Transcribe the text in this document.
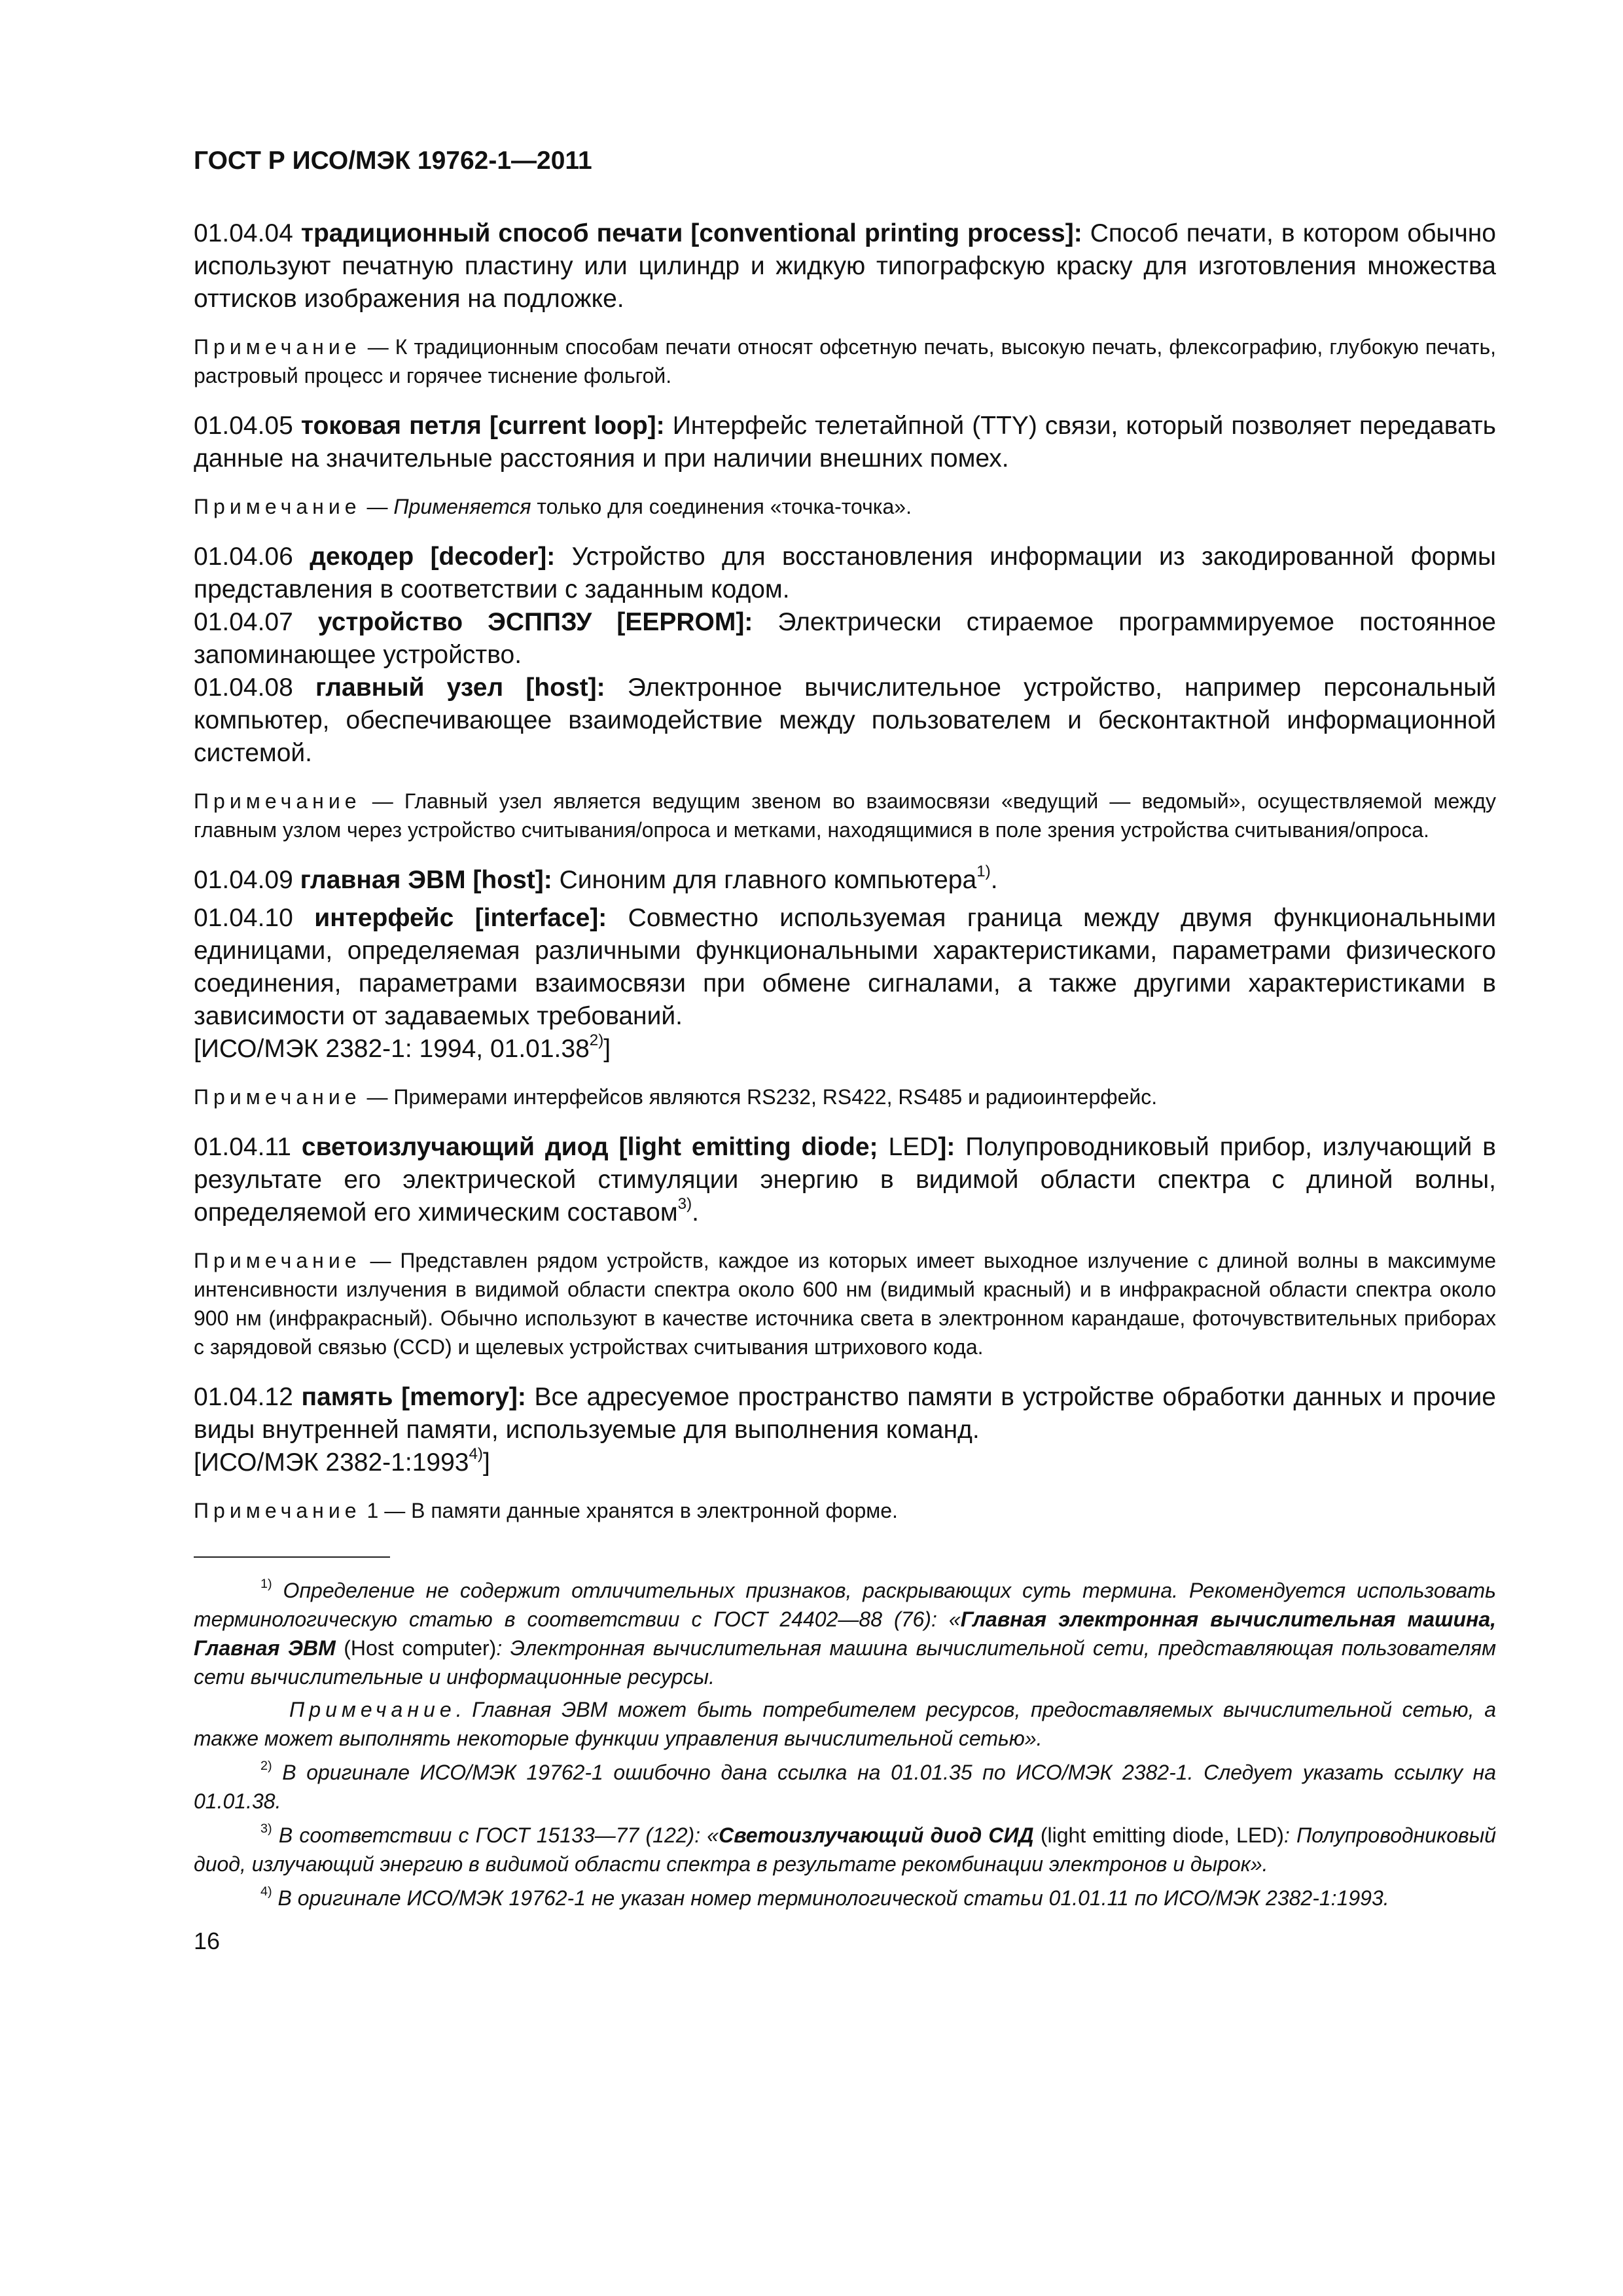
ГОСТ Р ИСО/МЭК 19762-1—2011

01.04.04 традиционный способ печати [conventional printing process]: Способ печати, в котором обычно используют печатную пластину или цилиндр и жидкую типографскую краску для изготовления множества оттисков изображения на подложке.

Примечание — К традиционным способам печати относят офсетную печать, высокую печать, флексографию, глубокую печать, растровый процесс и горячее тиснение фольгой.

01.04.05 токовая петля [current loop]: Интерфейс телетайпной (TTY) связи, который позволяет передавать данные на значительные расстояния и при наличии внешних помех.

Примечание — Применяется только для соединения «точка-точка».

01.04.06 декодер [decoder]: Устройство для восстановления информации из закодированной формы представления в соответствии с заданным кодом.

01.04.07 устройство ЭСППЗУ [EEPROM]: Электрически стираемое программируемое постоянное запоминающее устройство.

01.04.08 главный узел [host]: Электронное вычислительное устройство, например персональный компьютер, обеспечивающее взаимодействие между пользователем и бесконтактной информационной системой.

Примечание — Главный узел является ведущим звеном во взаимосвязи «ведущий — ведомый», осуществляемой между главным узлом через устройство считывания/опроса и метками, находящимися в поле зрения устройства считывания/опроса.

01.04.09 главная ЭВМ [host]: Синоним для главного компьютера$^{1)}$.

01.04.10 интерфейс [interface]: Совместно используемая граница между двумя функциональными единицами, определяемая различными функциональными характеристиками, параметрами физического соединения, параметрами взаимосвязи при обмене сигналами, а также другими характеристиками в зависимости от задаваемых требований.

[ИСО/МЭК 2382-1: 1994, 01.01.38$^{2)}$]

Примечание — Примерами интерфейсов являются RS232, RS422, RS485 и радиоинтерфейс.

01.04.11 светоизлучающий диод [light emitting diode; LED]: Полупроводниковый прибор, излучающий в результате его электрической стимуляции энергию в видимой области спектра с длиной волны, определяемой его химическим составом$^{3)}$.

Примечание — Представлен рядом устройств, каждое из которых имеет выходное излучение с длиной волны в максимуме интенсивности излучения в видимой области спектра около 600 нм (видимый красный) и в инфракрасной области спектра около 900 нм (инфракрасный). Обычно используют в качестве источника света в электронном карандаше, фоточувствительных приборах с зарядовой связью (CCD) и щелевых устройствах считывания штрихового кода.

01.04.12 память [memory]: Все адресуемое пространство памяти в устройстве обработки данных и прочие виды внутренней памяти, используемые для выполнения команд.

[ИСО/МЭК 2382-1:1993$^{4)}$]

Примечание 1 — В памяти данные хранятся в электронной форме.

$^{1)}$ Определение не содержит отличительных признаков, раскрывающих суть термина. Рекомендуется использовать терминологическую статью в соответствии с ГОСТ 24402—88 (76): «Главная электронная вычислительная машина, Главная ЭВМ (Host computer): Электронная вычислительная машина вычислительной сети, представляющая пользователям сети вычислительные и информационные ресурсы.

Примечание. Главная ЭВМ может быть потребителем ресурсов, предоставляемых вычислительной сетью, а также может выполнять некоторые функции управления вычислительной сетью».

$^{2)}$ В оригинале ИСО/МЭК 19762-1 ошибочно дана ссылка на 01.01.35 по ИСО/МЭК 2382-1. Следует указать ссылку на 01.01.38.

$^{3)}$ В соответствии с ГОСТ 15133—77 (122): «Светоизлучающий диод СИД (light emitting diode, LED): Полупроводниковый диод, излучающий энергию в видимой области спектра в результате рекомбинации электронов и дырок».

$^{4)}$ В оригинале ИСО/МЭК 19762-1 не указан номер терминологической статьи 01.01.11 по ИСО/МЭК 2382-1:1993.

16
